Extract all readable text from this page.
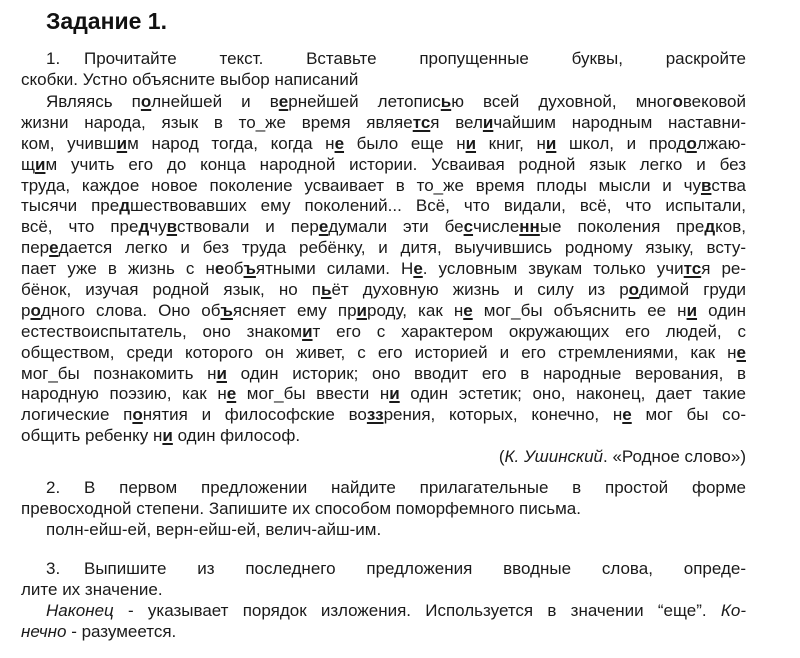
Задание 1.
1. Прочитайте текст. Вставьте пропущенные буквы, раскройте
скобки. Устно объясните выбор написаний
Являясь полнейшей и вернейшей летописью всей духовной, многовековой
жизни народа, язык в то_же время является величайшим народным наставни-
ком, учившим народ тогда, когда не было еще ни книг, ни школ, и продолжаю-
щим учить его до конца народной истории. Усваивая родной язык легко и без
труда, каждое новое поколение усваивает в то_же время плоды мысли и чувства
тысячи предшествовавших ему поколений... Всё, что видали, всё, что испытали,
всё, что предчувствовали и передумали эти бесчисленные поколения предков,
передается легко и без труда ребёнку, и дитя, выучившись родному языку, всту-
пает уже в жизнь с необъятными силами. Не. условным звукам только учится ре-
бёнок, изучая родной язык, но пьёт духовную жизнь и силу из родимой груди
родного слова. Оно объясняет ему природу, как не мог_бы объяснить ее ни один
естествоиспытатель, оно знакомит его с характером окружающих его людей, с
обществом, среди которого он живет, с его историей и его стремлениями, как не
мог_бы познакомить ни один историк; оно вводит его в народные верования, в
народную поэзию, как не мог_бы ввести ни один эстетик; оно, наконец, дает такие
логические понятия и философские воззрения, которых, конечно, не мог бы со-
общить ребенку ни один философ.
(К. Ушинский. «Родное слово»)
2. В первом предложении найдите прилагательные в простой форме
превосходной степени. Запишите их способом поморфемного письма.
полн-ейш-ей, верн-ейш-ей, велич-айш-им.
3. Выпишите из последнего предложения вводные слова, опреде-
лите их значение.
Наконец - указывает порядок изложения. Используется в значении “еще”. Ко-
нечно - разумеется.
